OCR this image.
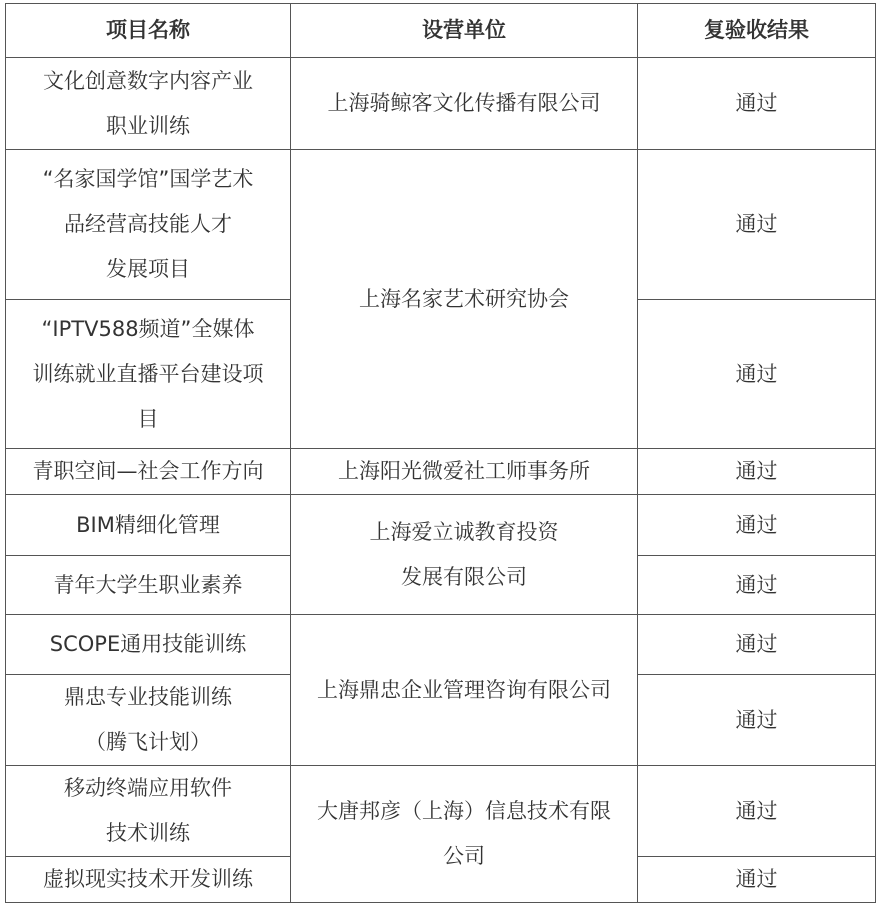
项目名称	设营单位	复验收结果

文化创意数字内容产业
职业训练	上海骑鲸客文化传播有限公司	通过

“名家国学馆”国学艺术
品经营高技能人才
发展项目	上海名家艺术研究协会	通过

“IPTV588频道”全媒体
训练就业直播平台建设项
目		通过

青职空间—社会工作方向	上海阳光微爱社工师事务所	通过

BIM精细化管理	上海爱立诚教育投资
发展有限公司	通过

青年大学生职业素养		通过

SCOPE通用技能训练	上海鼎忠企业管理咨询有限公司	通过

鼎忠专业技能训练
（腾飞计划）		通过

移动终端应用软件
技术训练	大唐邦彦（上海）信息技术有限
公司	通过

虚拟现实技术开发训练		通过
